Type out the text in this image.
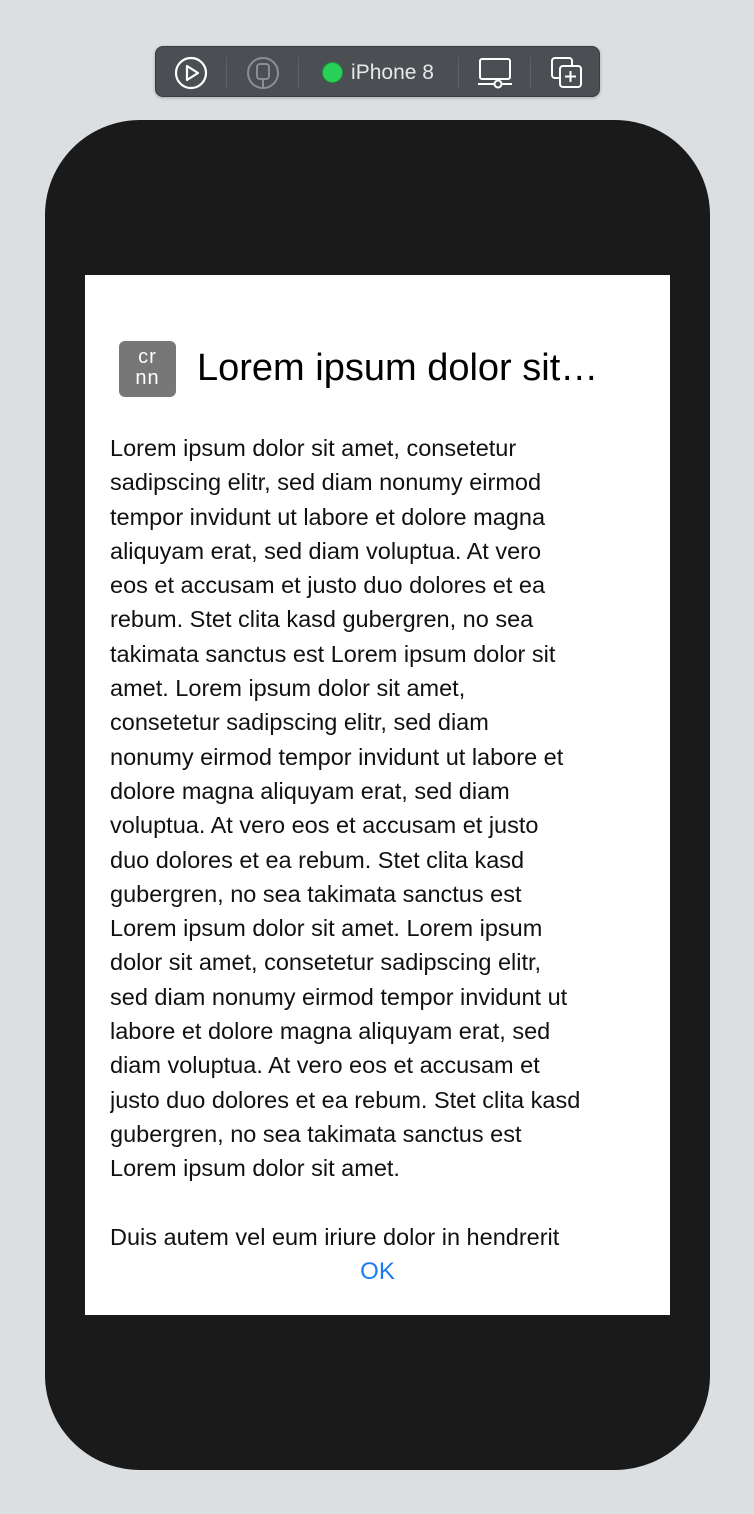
iPhone 8
cr
nn Lorem ipsum dolor sit…
Lorem ipsum dolor sit amet, consetetur
sadipscing elitr, sed diam nonumy eirmod
tempor invidunt ut labore et dolore magna
aliquyam erat, sed diam voluptua. At vero
eos et accusam et justo duo dolores et ea
rebum. Stet clita kasd gubergren, no sea
takimata sanctus est Lorem ipsum dolor sit
amet. Lorem ipsum dolor sit amet,
consetetur sadipscing elitr, sed diam
nonumy eirmod tempor invidunt ut labore et
dolore magna aliquyam erat, sed diam
voluptua. At vero eos et accusam et justo
duo dolores et ea rebum. Stet clita kasd
gubergren, no sea takimata sanctus est
Lorem ipsum dolor sit amet. Lorem ipsum
dolor sit amet, consetetur sadipscing elitr,
sed diam nonumy eirmod tempor invidunt ut
labore et dolore magna aliquyam erat, sed
diam voluptua. At vero eos et accusam et
justo duo dolores et ea rebum. Stet clita kasd
gubergren, no sea takimata sanctus est
Lorem ipsum dolor sit amet.

Duis autem vel eum iriure dolor in hendrerit
OK
